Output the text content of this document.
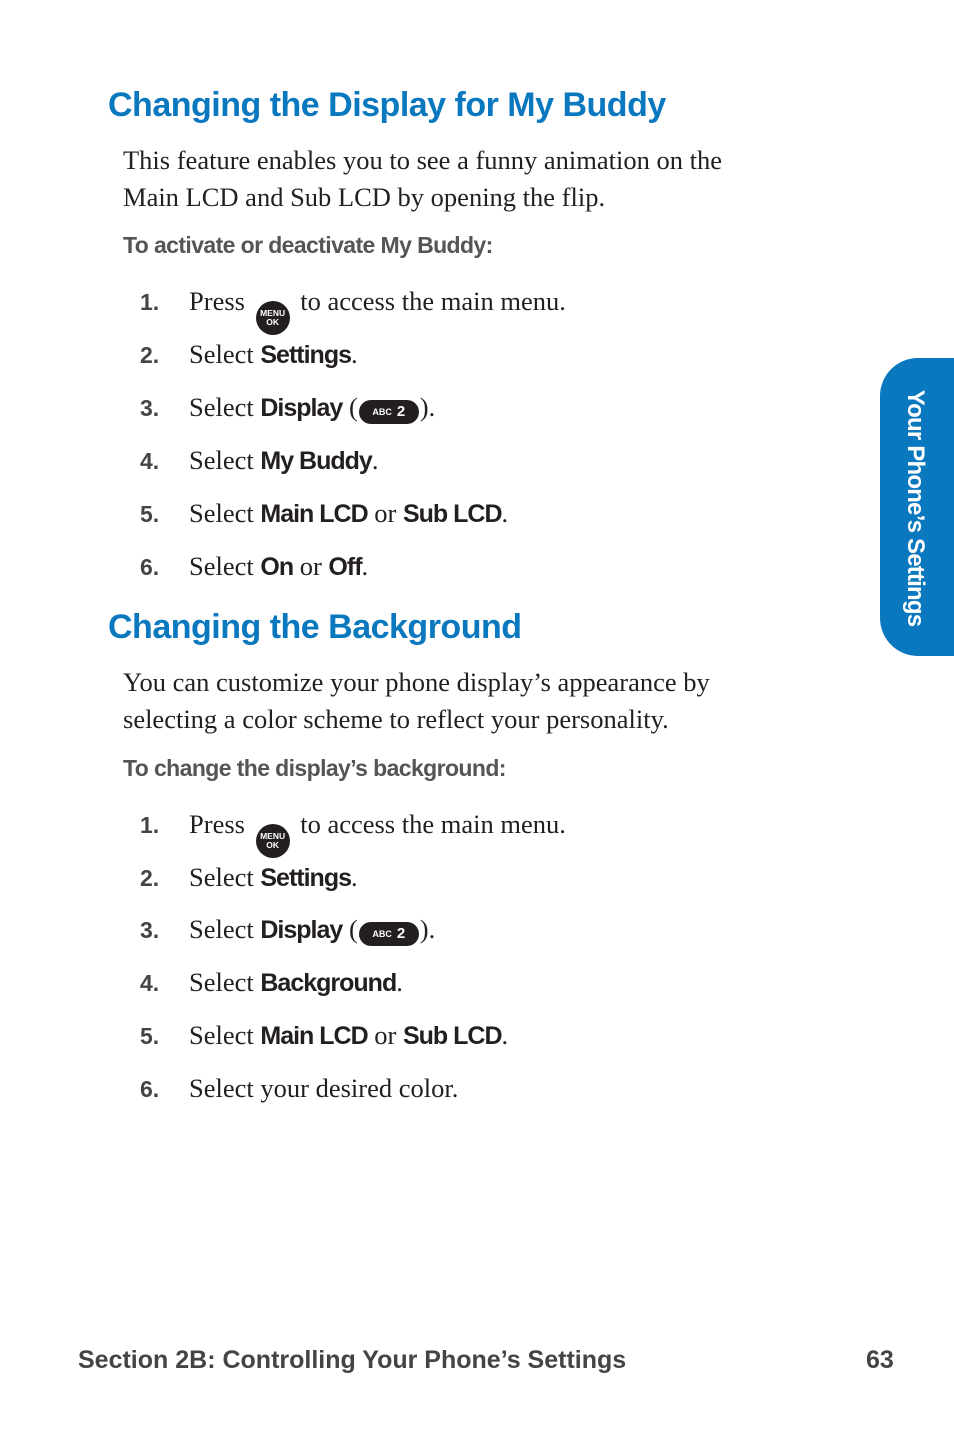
Changing the Display for My Buddy

This feature enables you to see a funny animation on the
Main LCD and Sub LCD by opening the flip.

To activate or deactivate My Buddy:

1. Press MENU
OK
to access the main menu.
2. Select Settings.
3. Select Display ( ABC 2 ).
4. Select My Buddy.
5. Select Main LCD or Sub LCD.
6. Select On or Off.
Changing the Background

You can customize your phone display’s appearance by
selecting a color scheme to reflect your personality.

To change the display’s background:

1. Press MENU
OK
to access the main menu.
2. Select Settings.
3. Select Display ( ABC 2 ).
4. Select Background.
5. Select Main LCD or Sub LCD.
6. Select your desired color.
Your Phone’s Settings

Section 2B: Controlling Your Phone’s Settings	63
